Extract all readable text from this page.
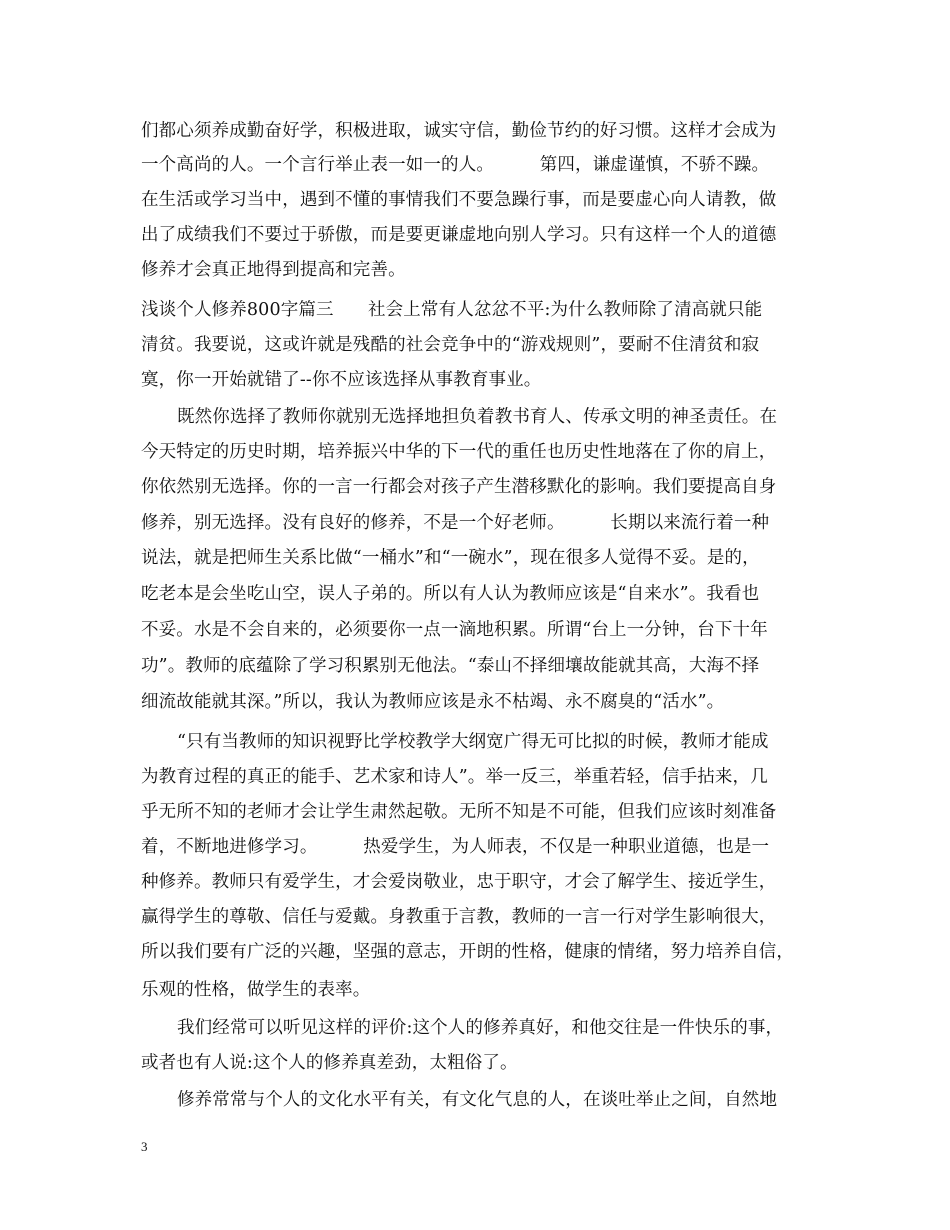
们都心须养成勤奋好学，积极进取，诚实守信，勤俭节约的好习惯。这样才会成为
一个高尚的人。一个言行举止表一如一的人。        第四，谦虚谨慎，不骄不躁。
在生活或学习当中，遇到不懂的事情我们不要急躁行事，而是要虚心向人请教，做
出了成绩我们不要过于骄傲，而是要更谦虚地向别人学习。只有这样一个人的道德
修养才会真正地得到提高和完善。
浅谈个人修养800字篇三      社会上常有人忿忿不平:为什么教师除了清高就只能
清贫。我要说，这或许就是残酷的社会竞争中的“游戏规则”，要耐不住清贫和寂
寞，你一开始就错了--你不应该选择从事教育事业。
既然你选择了教师你就别无选择地担负着教书育人、传承文明的神圣责任。在
今天特定的历史时期，培养振兴中华的下一代的重任也历史性地落在了你的肩上，
你依然别无选择。你的一言一行都会对孩子产生潜移默化的影响。我们要提高自身
修养，别无选择。没有良好的修养，不是一个好老师。        长期以来流行着一种
说法，就是把师生关系比做“一桶水”和“一碗水”，现在很多人觉得不妥。是的，
吃老本是会坐吃山空，误人子弟的。所以有人认为教师应该是“自来水”。我看也
不妥。水是不会自来的，必须要你一点一滴地积累。所谓“台上一分钟，台下十年
功”。教师的底蕴除了学习积累别无他法。“泰山不择细壤故能就其高，大海不择
细流故能就其深。”所以，我认为教师应该是永不枯竭、永不腐臭的“活水”。
“只有当教师的知识视野比学校教学大纲宽广得无可比拟的时候，教师才能成
为教育过程的真正的能手、艺术家和诗人”。举一反三，举重若轻，信手拈来，几
乎无所不知的老师才会让学生肃然起敬。无所不知是不可能，但我们应该时刻准备
着，不断地进修学习。        热爱学生，为人师表，不仅是一种职业道德，也是一
种修养。教师只有爱学生，才会爱岗敬业，忠于职守，才会了解学生、接近学生，
赢得学生的尊敬、信任与爱戴。身教重于言教，教师的一言一行对学生影响很大，
所以我们要有广泛的兴趣，坚强的意志，开朗的性格，健康的情绪，努力培养自信，
乐观的性格，做学生的表率。
我们经常可以听见这样的评价:这个人的修养真好，和他交往是一件快乐的事，
或者也有人说:这个人的修养真差劲，太粗俗了。
修养常常与个人的文化水平有关，有文化气息的人，在谈吐举止之间，自然地
3
